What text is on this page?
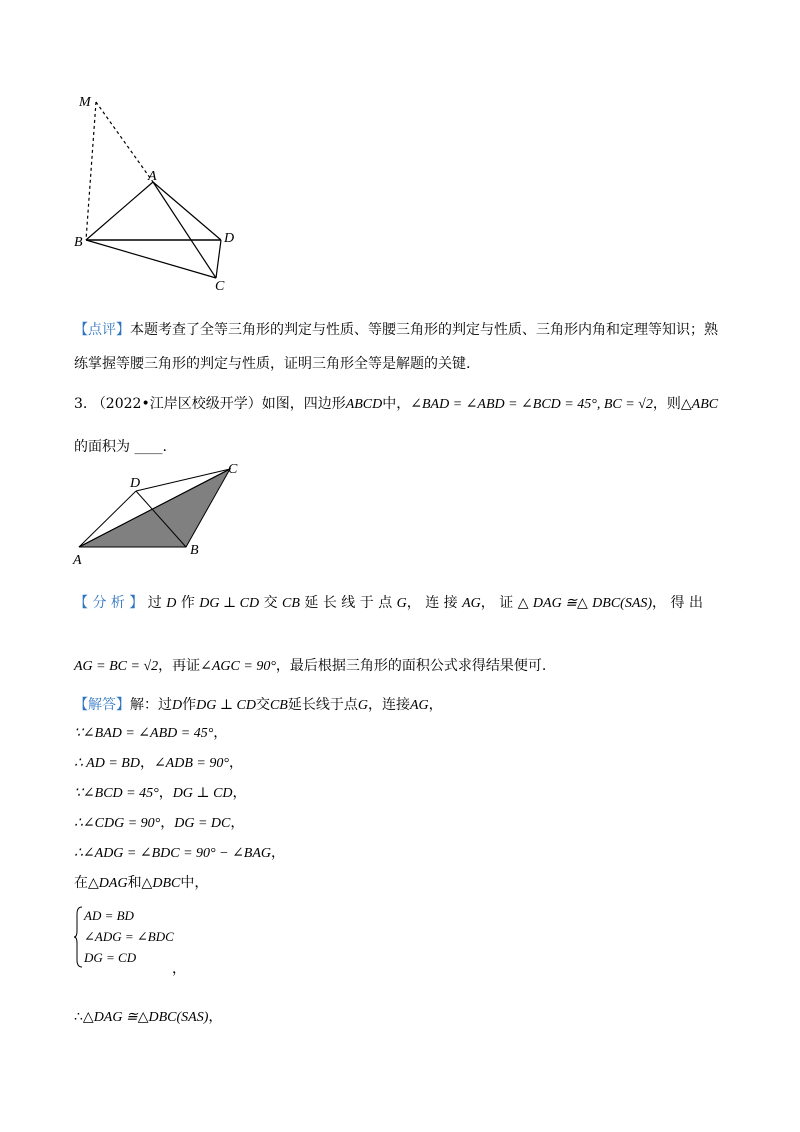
M
A
B	D
C
【点评】本题考查了全等三角形的判定与性质、等腰三角形的判定与性质、三角形内角和定理等知识；熟
练掌握等腰三角形的判定与性质，证明三角形全等是解题的关键.
3. （2022•江岸区校级开学）如图，四边形ABCD中，∠BAD = ∠ABD = ∠BCD = 45°, BC = √2，则△ABC
的面积为 ____.
A
B
C
D
【 分 析 】 过 D 作 DG ⊥ CD 交 CB 延 长 线 于 点 G， 连 接 AG， 证 △ DAG ≅△ DBC(SAS)， 得 出
AG = BC = √2，再证∠AGC = 90°，最后根据三角形的面积公式求得结果便可.
【解答】解：过D作DG ⊥ CD交CB延长线于点G，连接AG，
∵∠BAD = ∠ABD = 45°，
∴ AD = BD，∠ADB = 90°，
∵∠BCD = 45°，DG ⊥ CD，
∴∠CDG = 90°，DG = DC，
∴∠ADG = ∠BDC = 90° − ∠BAG，
在△DAG和△DBC中，
AD = BD
∠ADG = ∠BDC
DG = CD
，
∴△DAG ≅△DBC(SAS)，
